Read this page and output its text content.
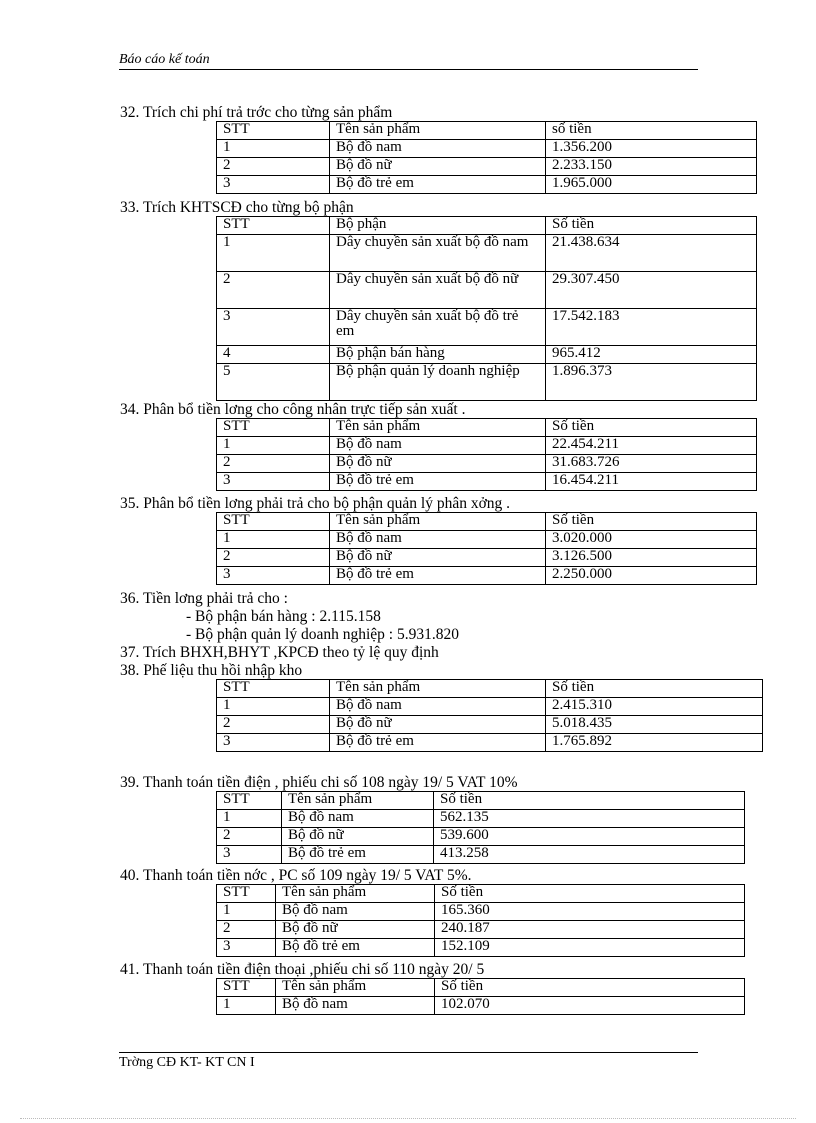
Báo cáo kế toán
32. Trích chi phí trả trớc cho từng sản phẩm
STT	Tên sản phẩm	số tiền
1	Bộ đồ nam	1.356.200
2	Bộ đồ nữ	2.233.150
3	Bộ đồ trẻ em	1.965.000
33. Trích KHTSCĐ cho từng bộ phận
STT	Bộ phận	Số tiền
1	Dây chuyền sản xuất bộ đồ nam	21.438.634
2	Dây chuyền sản xuất bộ đồ nữ	29.307.450
3	Dây chuyền sản xuất bộ đồ trẻ em	17.542.183
4	Bộ phận bán hàng	965.412
5	Bộ phận quản lý doanh nghiệp	1.896.373
34. Phân bổ tiền lơng cho công nhân trực tiếp sản xuất .
STT	Tên sản phẩm	Số tiền
1	Bộ đồ nam	22.454.211
2	Bộ đồ nữ	31.683.726
3	Bộ đồ trẻ em	16.454.211
35. Phân bổ tiền lơng phải trả cho bộ phận quản lý phân xởng .
STT	Tên sản phẩm	Số tiền
1	Bộ đồ nam	3.020.000
2	Bộ đồ nữ	3.126.500
3	Bộ đồ trẻ em	2.250.000
36. Tiền lơng phải trả cho :
- Bộ phận bán hàng : 2.115.158
- Bộ phận quản lý doanh nghiệp : 5.931.820
37. Trích BHXH,BHYT ,KPCĐ theo tỷ lệ quy định
38. Phế liệu thu hồi nhập kho
STT	Tên sản phẩm	Số tiền
1	Bộ đồ nam	2.415.310
2	Bộ đồ nữ	5.018.435
3	Bộ đồ trẻ em	1.765.892
39. Thanh toán tiền điện , phiếu chi số 108 ngày 19/ 5 VAT 10%
STT	Tên sản phẩm	Số tiền
1	Bộ đồ nam	562.135
2	Bộ đồ nữ	539.600
3	Bộ đồ trẻ em	413.258
40. Thanh toán tiền nớc , PC số 109 ngày 19/ 5 VAT 5%.
STT	Tên sản phẩm	Số tiền
1	Bộ đồ nam	165.360
2	Bộ đồ nữ	240.187
3	Bộ đồ trẻ em	152.109
41. Thanh toán tiền điện thoại ,phiếu chi số 110 ngày 20/ 5
STT	Tên sản phẩm	Số tiền
1	Bộ đồ nam	102.070
Trờng CĐ KT- KT CN I
